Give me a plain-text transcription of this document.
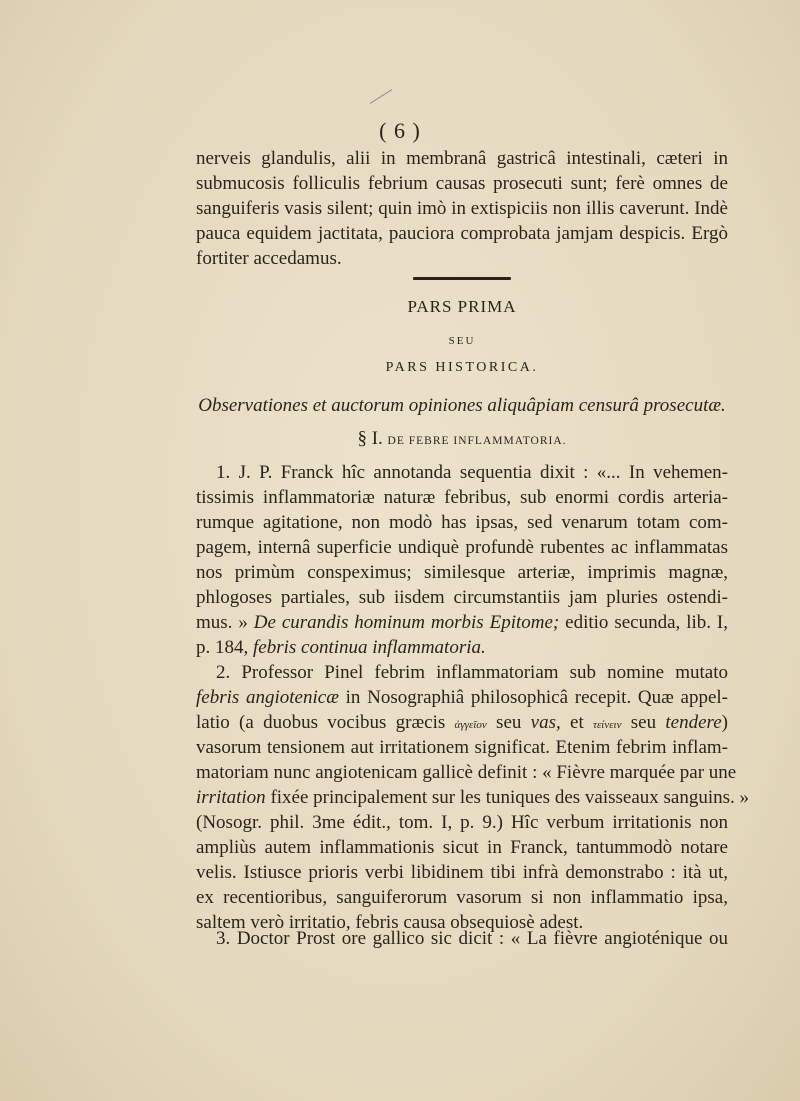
( 6 )
nerveis glandulis, alii in membranâ gastricâ intestinali, cæteri in
submucosis folliculis febrium causas prosecuti sunt; ferè omnes de
sanguiferis vasis silent; quin imò in extispiciis non illis caverunt. Indè
pauca equidem jactitata, pauciora comprobata jamjam despicis. Ergò
fortiter accedamus.
PARS PRIMA
SEU
PARS HISTORICA.
Observationes et auctorum opiniones aliquâpiam censurâ prosecutæ.
§ I. DE FEBRE INFLAMMATORIA.
1. J. P. Franck hîc annotanda sequentia dixit : «... In vehemen-
tissimis inflammatoriæ naturæ febribus, sub enormi cordis arteria-
rumque agitatione, non modò has ipsas, sed venarum totam com-
pagem, internâ superficie undiquè profundè rubentes ac inflammatas
nos primùm conspeximus; similesque arteriæ, imprimis magnæ,
phlogoses partiales, sub iisdem circumstantiis jam pluries ostendi-
mus. » De curandis hominum morbis Epitome; editio secunda, lib. I,
p. 184, febris continua inflammatoria.
2. Professor Pinel febrim inflammatoriam sub nomine mutato
febris angiotenicæ in Nosographiâ philosophicâ recepit. Quæ appel-
latio (a duobus vocibus græcis ἀγγεῖον seu vas, et τείνειν seu tendere)
vasorum tensionem aut irritationem significat. Etenim febrim inflam-
matoriam nunc angiotenicam gallicè definit : « Fièvre marquée par une
irritation fixée principalement sur les tuniques des vaisseaux sanguins. »
(Nosogr. phil. 3me édit., tom. I, p. 9.) Hîc verbum irritationis non
ampliùs autem inflammationis sicut in Franck, tantummodò notare
velis. Istiusce prioris verbi libidinem tibi infrà demonstrabo : ità ut,
ex recentioribus, sanguiferorum vasorum si non inflammatio ipsa,
saltem verò irritatio, febris causa obsequiosè adest.
3. Doctor Prost ore gallico sic dicit : « La fièvre angioténique ou
